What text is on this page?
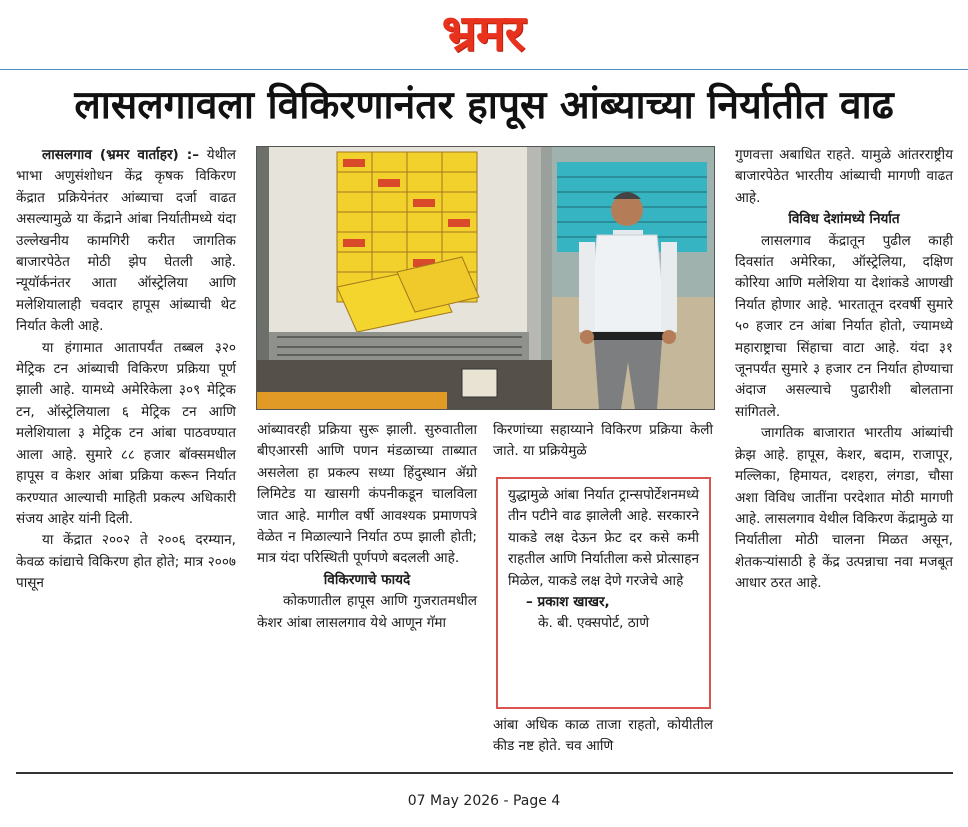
भ्रमर
लासलगावला विकिरणानंतर हापूस आंब्याच्या निर्यातीत वाढ

लासलगाव (भ्रमर वार्ताहर) :– येथील भाभा अणुसंशोधन केंद्र कृषक विकिरण केंद्रात प्रक्रियेनंतर आंब्याचा दर्जा वाढत असल्यामुळे या केंद्राने आंबा निर्यातीमध्ये यंदा उल्लेखनीय कामगिरी करीत जागतिक बाजारपेठेत मोठी झेप घेतली आहे. न्यूयॉर्कनंतर आता ऑस्ट्रेलिया आणि मलेशियालाही चवदार हापूस आंब्याची थेट निर्यात केली आहे.

या हंगामात आतापर्यंत तब्बल ३२० मेट्रिक टन आंब्याची विकिरण प्रक्रिया पूर्ण झाली आहे. यामध्ये अमेरिकेला ३०९ मेट्रिक टन, ऑस्ट्रेलियाला ६ मेट्रिक टन आणि मलेशियाला ३ मेट्रिक टन आंबा पाठवण्यात आला आहे. सुमारे ८८ हजार बॉक्समधील हापूस व केशर आंबा प्रक्रिया करून निर्यात करण्यात आल्याची माहिती प्रकल्प अधिकारी संजय आहेर यांनी दिली.

या केंद्रात २००२ ते २००६ दरम्यान, केवळ कांद्याचे विकिरण होत होते; मात्र २००७ पासून

आंब्यावरही प्रक्रिया सुरू झाली. सुरुवातीला बीएआरसी आणि पणन मंडळाच्या ताब्यात असलेला हा प्रकल्प सध्या हिंदुस्थान ॲग्रो लिमिटेड या खासगी कंपनीकडून चालविला जात आहे. मागील वर्षी आवश्यक प्रमाणपत्रे वेळेत न मिळाल्याने निर्यात ठप्प झाली होती; मात्र यंदा परिस्थिती पूर्णपणे बदलली आहे.

विकिरणाचे फायदे

कोकणातील हापूस आणि गुजरातमधील केशर आंबा लासलगाव येथे आणून गॅमा

किरणांच्या सहाय्याने विकिरण प्रक्रिया केली जाते. या प्रक्रियेमुळे

युद्धामुळे आंबा निर्यात ट्रान्सपोर्टेशनमध्ये तीन पटीने वाढ झालेली आहे. सरकारने याकडे लक्ष देऊन फ्रेट दर कसे कमी राहतील आणि निर्यातीला कसे प्रोत्साहन मिळेल, याकडे लक्ष देणे गरजेचे आहे

– प्रकाश खाखर,

के. बी. एक्सपोर्ट, ठाणे

आंबा अधिक काळ ताजा राहतो, कोयीतील कीड नष्ट होते. चव आणि

गुणवत्ता अबाधित राहते. यामुळे आंतरराष्ट्रीय बाजारपेठेत भारतीय आंब्याची मागणी वाढत आहे.

विविध देशांमध्ये निर्यात

लासलगाव केंद्रातून पुढील काही दिवसांत अमेरिका, ऑस्ट्रेलिया, दक्षिण कोरिया आणि मलेशिया या देशांकडे आणखी निर्यात होणार आहे. भारतातून दरवर्षी सुमारे ५० हजार टन आंबा निर्यात होतो, ज्यामध्ये महाराष्ट्राचा सिंहाचा वाटा आहे. यंदा ३१ जूनपर्यंत सुमारे ३ हजार टन निर्यात होण्याचा अंदाज असल्याचे पुढारीशी बोलताना सांगितले.

जागतिक बाजारात भारतीय आंब्यांची क्रेझ आहे. हापूस, केशर, बदाम, राजापूर, मल्लिका, हिमायत, दशहरा, लंगडा, चौसा अशा विविध जातींना परदेशात मोठी मागणी आहे. लासलगाव येथील विकिरण केंद्रामुळे या निर्यातीला मोठी चालना मिळत असून, शेतकऱ्यांसाठी हे केंद्र उत्पन्नाचा नवा मजबूत आधार ठरत आहे.

07 May 2026 - Page 4
